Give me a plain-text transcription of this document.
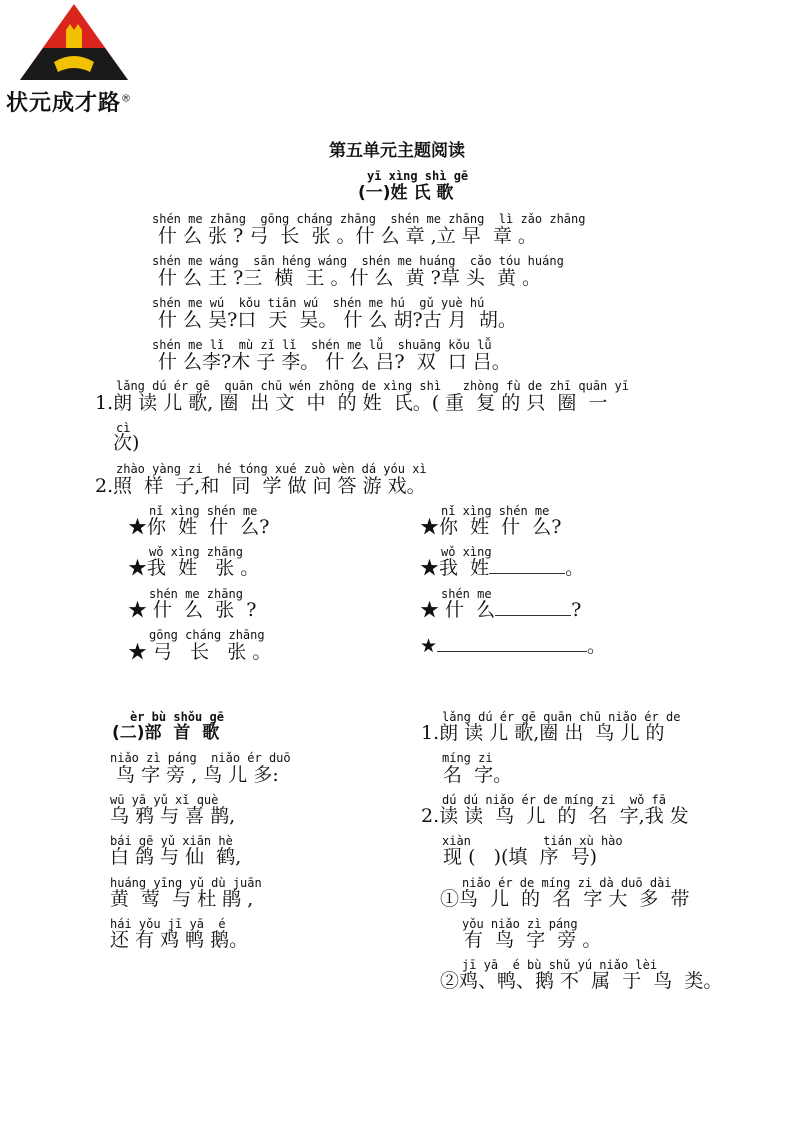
状元成才路®
第五单元主题阅读
yī xìng shì gē
(一)姓 氏 歌
shén me zhāng  gōng cháng zhāng  shén me zhāng  lì zǎo zhāng
什 么 张 ? 弓  长  张 。什 么 章 ,立 早  章 。
shén me wáng  sān héng wáng  shén me huáng  cǎo tóu huáng
什 么 王 ?三  横  王 。什 么  黄 ?草 头  黄 。
shén me wú  kǒu tiān wú  shén me hú  gǔ yuè hú
什 么 吴?口  天  吴。 什 么 胡?古 月  胡。
shén me lǐ  mù zǐ lǐ  shén me lǚ  shuāng kǒu lǚ
什 么李?木 子 李。 什 么 吕?  双  口 吕。
lǎng dú ér gē  quān chū wén zhōng de xìng shì   zhòng fù de zhī quān yī
1.朗 读 儿 歌, 圈  出 文  中  的 姓  氏。( 重  复 的 只  圈  一
cì
次)
zhào yàng zi  hé tóng xué zuò wèn dá yóu xì
2.照  样  子,和  同  学 做 问 答 游 戏。
nǐ xìng shén me
★你  姓  什  么?
wǒ xìng zhāng
★我  姓   张 。
shén me zhāng
★ 什  么  张  ?
gōng cháng zhāng
★ 弓   长   张 。
nǐ xìng shén me
★你  姓  什  么?
wǒ xìng
★我  姓	。
shén me
★ 什  么	?
★	。
èr bù shǒu gē
(二)部  首  歌
niǎo zì páng  niǎo ér duō
鸟 字 旁 , 鸟 儿 多:
wū yā yǔ xǐ què
乌 鸦 与 喜 鹊,
bái gē yǔ xiān hè
白 鸽 与 仙  鹤,
huáng yīng yǔ dù juān
黄  莺  与 杜 鹃 ,
hái yǒu jī yā  é
还 有 鸡 鸭 鹅。
lǎng dú ér gē quān chū niǎo ér de
1.朗 读 儿 歌,圈 出  鸟 儿 的
míng zi
名  字。
dú dú niǎo ér de míng zi  wǒ fā
2.读 读  鸟  儿  的  名  字,我 发
xiàn          tián xù hào
现 (   )(填  序  号)
niǎo ér de míng zi dà duō dài
①鸟  儿  的  名  字 大  多  带
yǒu niǎo zì páng
有  鸟  字  旁 。
jī yā  é bù shǔ yú niǎo lèi
②鸡、鸭、鹅 不  属  于  鸟  类。
